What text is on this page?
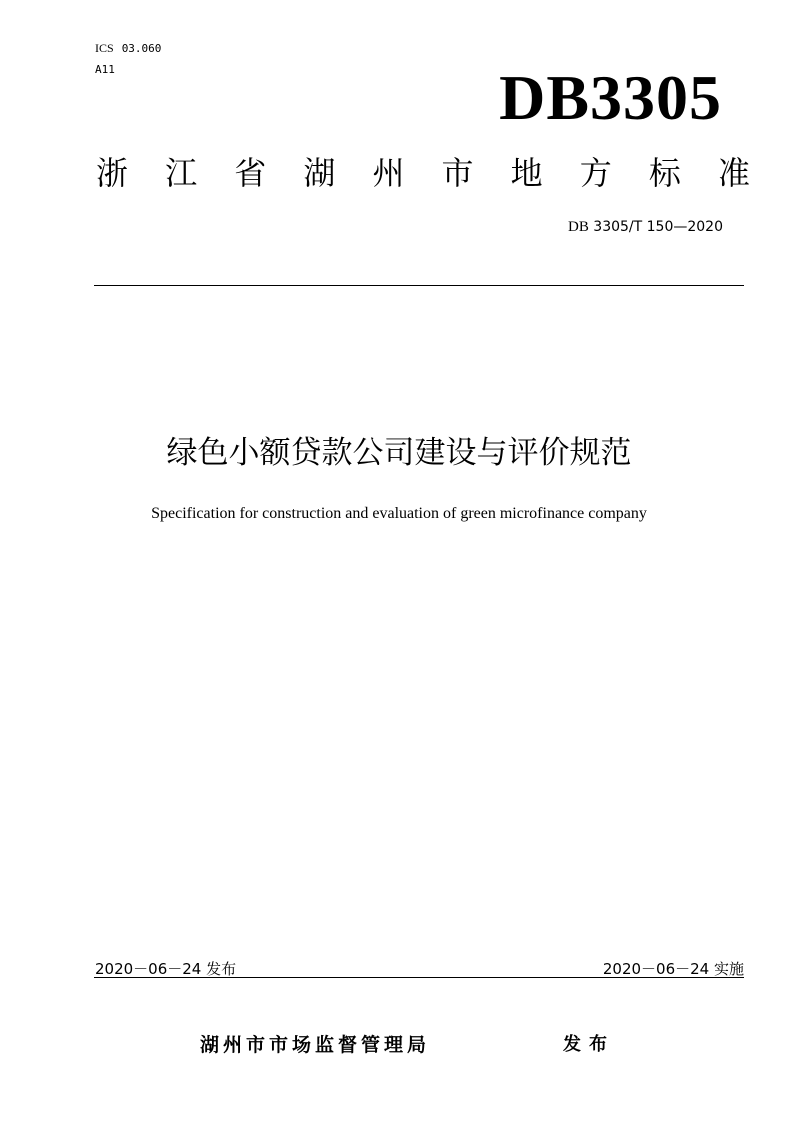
ICS 03.060
A11	DB3305
浙 江 省 湖 州 市 地 方 标 准
DB 3305/T 150—2020
绿色小额贷款公司建设与评价规范
Specification for construction and evaluation of green microfinance company
2020－06－24 发布	2020－06－24 实施
湖州市市场监督管理局	发布
